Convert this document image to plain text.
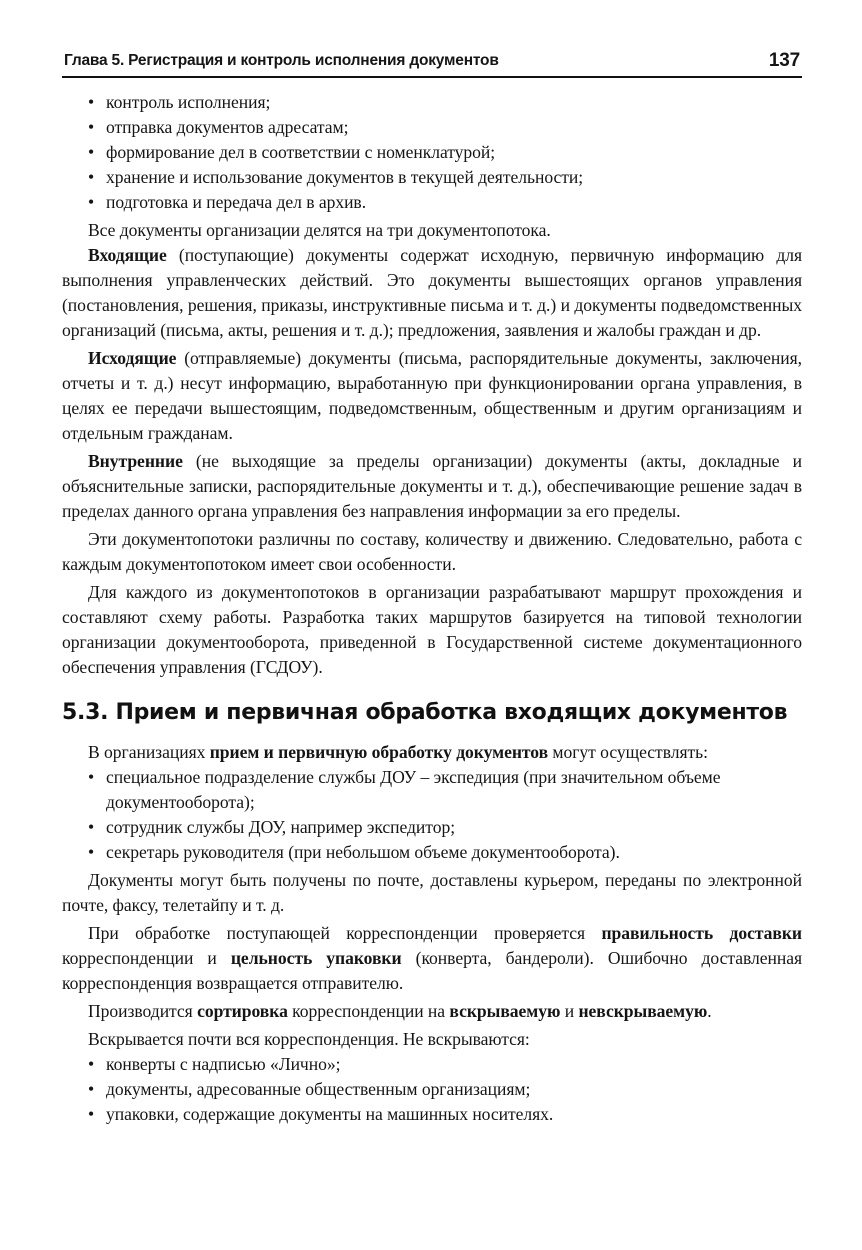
Глава 5. Регистрация и контроль исполнения документов	137
• контроль исполнения;
• отправка документов адресатам;
• формирование дел в соответствии с номенклатурой;
• хранение и использование документов в текущей деятельности;
• подготовка и передача дел в архив.

Все документы организации делятся на три документопотока.

Входящие (поступающие) документы содержат исходную, первичную информацию для выполнения управленческих действий. Это документы вышестоящих органов управления (постановления, решения, приказы, инструктивные письма и т. д.) и документы подведомственных организаций (письма, акты, решения и т. д.); предложения, заявления и жалобы граждан и др.

Исходящие (отправляемые) документы (письма, распорядительные документы, заключения, отчеты и т. д.) несут информацию, выработанную при функционировании органа управления, в целях ее передачи вышестоящим, подведомственным, общественным и другим организациям и отдельным гражданам.

Внутренние (не выходящие за пределы организации) документы (акты, докладные и объяснительные записки, распорядительные документы и т. д.), обеспечивающие решение задач в пределах данного органа управления без направления информации за его пределы.

Эти документопотоки различны по составу, количеству и движению. Следовательно, работа с каждым документопотоком имеет свои особенности.

Для каждого из документопотоков в организации разрабатывают маршрут прохождения и составляют схему работы. Разработка таких маршрутов базируется на типовой технологии организации документооборота, приведенной в Государственной системе документационного обеспечения управления (ГСДОУ).

5.3. Прием и первичная обработка входящих документов

В организациях прием и первичную обработку документов могут осуществлять:

• специальное подразделение службы ДОУ – экспедиция (при значительном объеме документооборота);
• сотрудник службы ДОУ, например экспедитор;
• секретарь руководителя (при небольшом объеме документооборота).

Документы могут быть получены по почте, доставлены курьером, переданы по электронной почте, факсу, телетайпу и т. д.

При обработке поступающей корреспонденции проверяется правильность доставки корреспонденции и цельность упаковки (конверта, бандероли). Ошибочно доставленная корреспонденция возвращается отправителю.

Производится сортировка корреспонденции на вскрываемую и невскрываемую.

Вскрывается почти вся корреспонденция. Не вскрываются:

• конверты с надписью «Лично»;
• документы, адресованные общественным организациям;
• упаковки, содержащие документы на машинных носителях.
